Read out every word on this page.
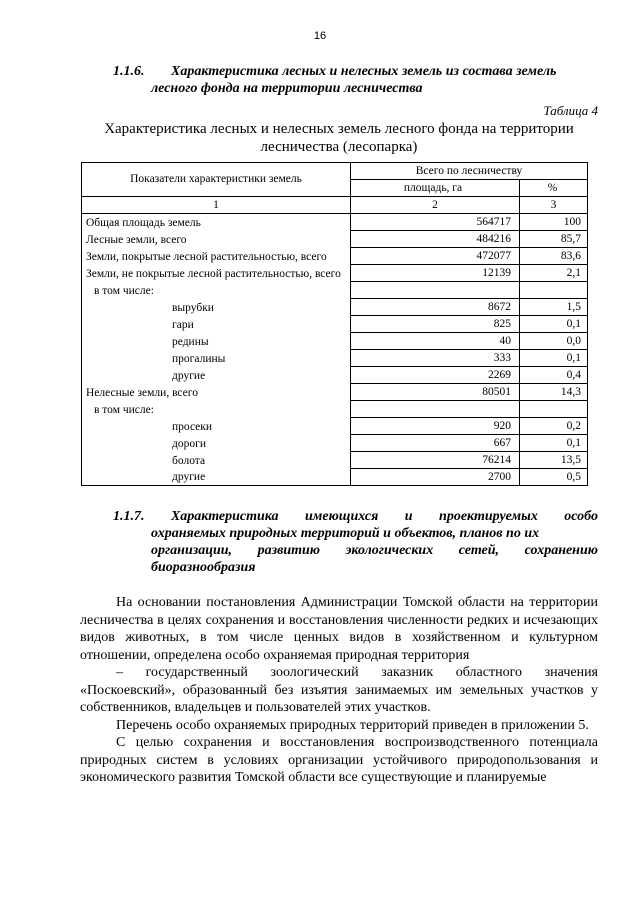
16
1.1.6. Характеристика лесных и нелесных земель из состава земель
лесного фонда на территории лесничества
Таблица 4
Характеристика лесных и нелесных земель лесного фонда на территории
лесничества (лесопарка)
Показатели характеристики земель	Всего по лесничеству	
	площадь, га	%
1	2	3
Общая площадь земель	564717	100
Лесные земли, всего	484216	85,7
Земли, покрытые лесной растительностью, всего	472077	83,6
Земли, не покрытые лесной растительностью, всего	12139	2,1
в том числе:		
вырубки	8672	1,5
гари	825	0,1
редины	40	0,0
прогалины	333	0,1
другие	2269	0,4
Нелесные земли, всего	80501	14,3
в том числе:		
просеки	920	0,2
дороги	667	0,1
болота	76214	13,5
другие	2700	0,5
1.1.7. Характеристика имеющихся и проектируемых особо
охраняемых природных территорий и объектов, планов по их
организации, развитию экологических сетей, сохранению
биоразнообразия

На основании постановления Администрации Томской области на территории лесничества в целях сохранения и восстановления численности редких и исчезающих видов животных, в том числе ценных видов в хозяйственном и культурном отношении, определена особо охраняемая природная территория

– государственный зоологический заказник областного значения «Поскоевский», образованный без изъятия занимаемых им земельных участков у собственников, владельцев и пользователей этих участков.

Перечень особо охраняемых природных территорий приведен в приложении 5.

С целью сохранения и восстановления воспроизводственного потенциала природных систем в условиях организации устойчивого природопользования и экономического развития Томской области все существующие и планируемые
